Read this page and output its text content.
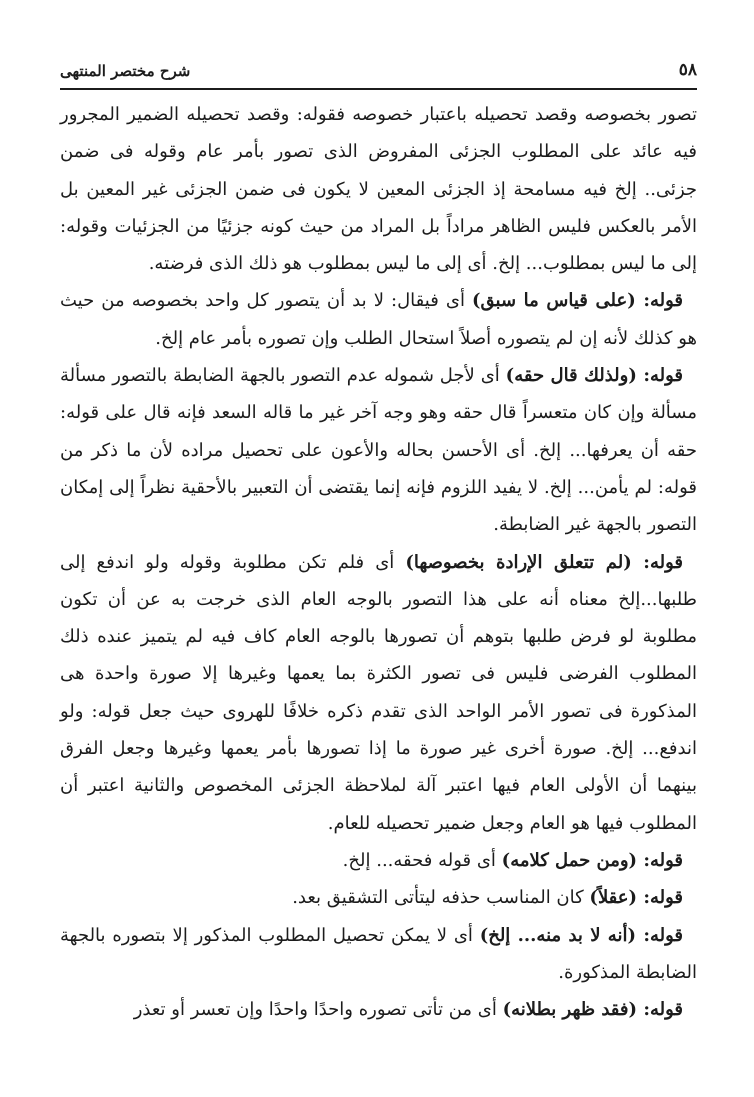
٥٨
شرح مختصر المنتهى

تصور بخصوصه وقصد تحصيله باعتبار خصوصه فقوله: وقصد تحصيله الضمير المجرور فيه عائد على المطلوب الجزئى المفروض الذى تصور بأمر عام وقوله فى ضمن جزئى.. إلخ فيه مسامحة إذ الجزئى المعين لا يكون فى ضمن الجزئى غير المعين بل الأمر بالعكس فليس الظاهر مراداً بل المراد من حيث كونه جزئيًا من الجزئيات وقوله: إلى ما ليس بمطلوب... إلخ. أى إلى ما ليس بمطلوب هو ذلك الذى فرضته.

قوله: (على قياس ما سبق) أى فيقال: لا بد أن يتصور كل واحد بخصوصه من حيث هو كذلك لأنه إن لم يتصوره أصلاً استحال الطلب وإن تصوره بأمر عام إلخ.

قوله: (ولذلك قال حقه) أى لأجل شموله عدم التصور بالجهة الضابطة بالتصور مسألة مسألة وإن كان متعسراً قال حقه وهو وجه آخر غير ما قاله السعد فإنه قال على قوله: حقه أن يعرفها... إلخ. أى الأحسن بحاله والأعون على تحصيل مراده لأن ما ذكر من قوله: لم يأمن... إلخ. لا يفيد اللزوم فإنه إنما يقتضى أن التعبير بالأحقية نظراً إلى إمكان التصور بالجهة غير الضابطة.

قوله: (لم تتعلق الإرادة بخصوصها) أى فلم تكن مطلوبة وقوله ولو اندفع إلى طلبها...إلخ معناه أنه على هذا التصور بالوجه العام الذى خرجت به عن أن تكون مطلوبة لو فرض طلبها بتوهم أن تصورها بالوجه العام كاف فيه لم يتميز عنده ذلك المطلوب الفرضى فليس فى تصور الكثرة بما يعمها وغيرها إلا صورة واحدة هى المذكورة فى تصور الأمر الواحد الذى تقدم ذكره خلافًا للهروى حيث جعل قوله: ولو اندفع... إلخ. صورة أخرى غير صورة ما إذا تصورها بأمر يعمها وغيرها وجعل الفرق بينهما أن الأولى العام فيها اعتبر آلة لملاحظة الجزئى المخصوص والثانية اعتبر أن المطلوب فيها هو العام وجعل ضمير تحصيله للعام.

قوله: (ومن حمل كلامه) أى قوله فحقه... إلخ.

قوله: (عقلاً) كان المناسب حذفه ليتأتى التشقيق بعد.

قوله: (أنه لا بد منه... إلخ) أى لا يمكن تحصيل المطلوب المذكور إلا بتصوره بالجهة الضابطة المذكورة.

قوله: (فقد ظهر بطلانه) أى من تأتى تصوره واحدًا واحدًا وإن تعسر أو تعذر
